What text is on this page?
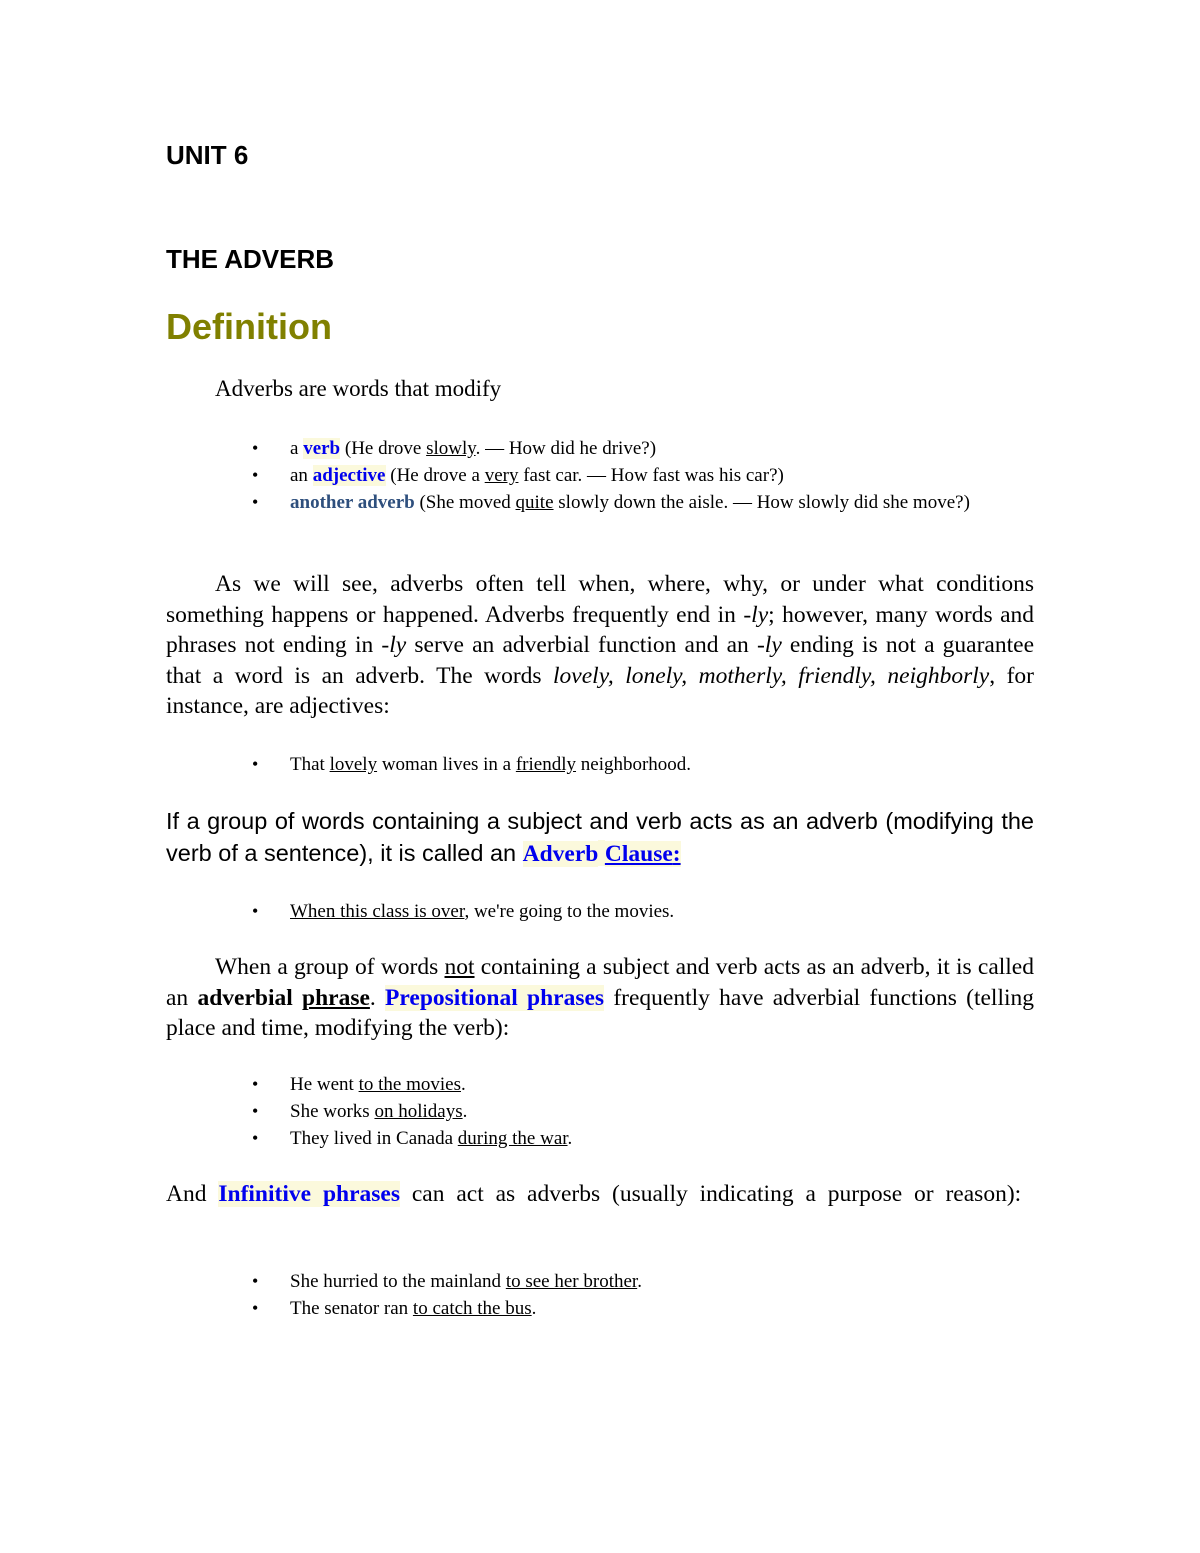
UNIT 6
THE ADVERB
Definition
Adverbs are words that modify
• a verb (He drove slowly. — How did he drive?)
• an adjective (He drove a very fast car. — How fast was his car?)
• another adverb (She moved quite slowly down the aisle. — How slowly did she move?)
As we will see, adverbs often tell when, where, why, or under what conditions something happens or happened. Adverbs frequently end in -ly; however, many words and phrases not ending in -ly serve an adverbial function and an -ly ending is not a guarantee that a word is an adverb. The words lovely, lonely, motherly, friendly, neighborly, for instance, are adjectives:
• That lovely woman lives in a friendly neighborhood.
If a group of words containing a subject and verb acts as an adverb (modifying the verb of a sentence), it is called an Adverb Clause:
• When this class is over, we're going to the movies.
When a group of words not containing a subject and verb acts as an adverb, it is called an adverbial phrase. Prepositional phrases frequently have adverbial functions (telling place and time, modifying the verb):
• He went to the movies.
• She works on holidays.
• They lived in Canada during the war.
And Infinitive phrases can act as adverbs (usually indicating a purpose or reason):
• She hurried to the mainland to see her brother.
• The senator ran to catch the bus.
